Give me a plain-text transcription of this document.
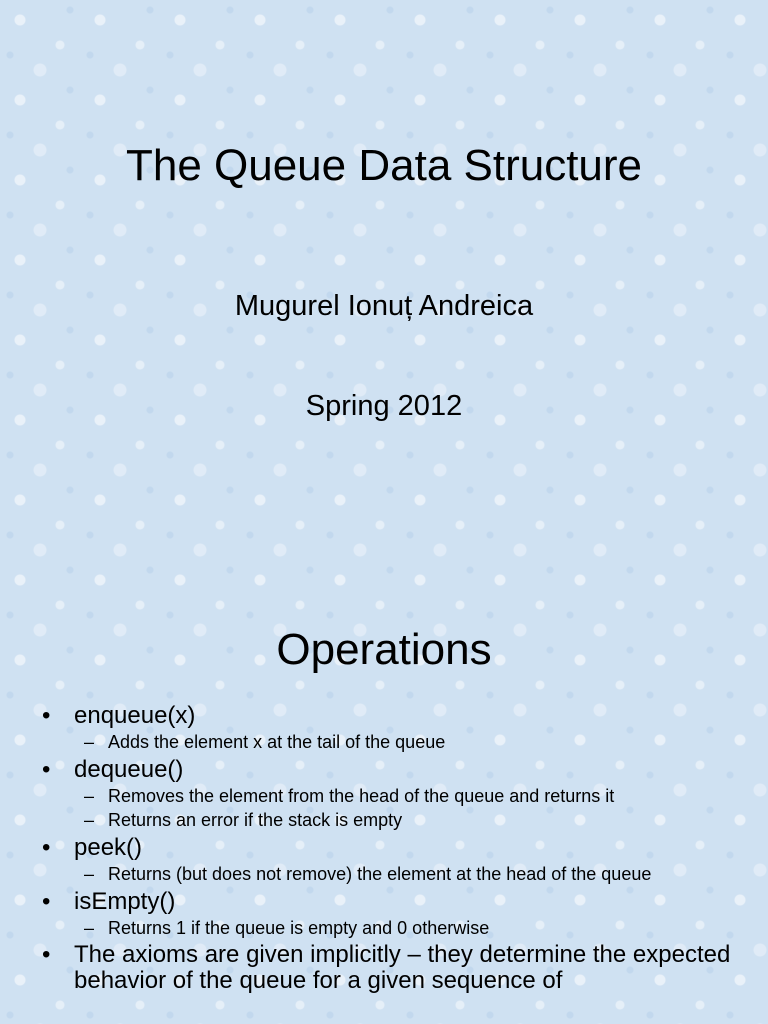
The Queue Data Structure
Mugurel Ionuț Andreica
Spring 2012
Operations
• enqueue(x)
– Adds the element x at the tail of the queue
• dequeue()
– Removes the element from the head of the queue and returns it
– Returns an error if the stack is empty
• peek()
– Returns (but does not remove) the element at the head of the queue
• isEmpty()
– Returns 1 if the queue is empty and 0 otherwise
• The axioms are given implicitly – they determine the expected behavior of the queue for a given sequence of
